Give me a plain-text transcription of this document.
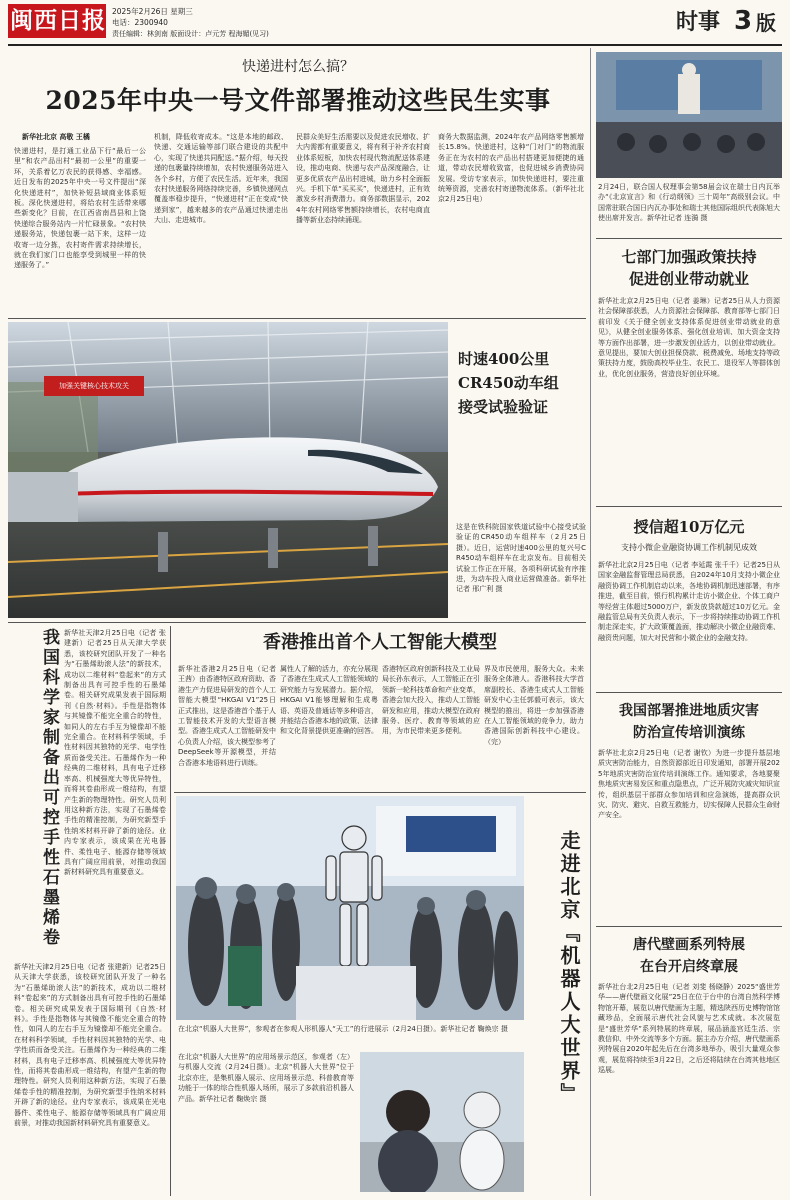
闽西日报 2025年2月26日 星期三
电话：2300940
责任编辑：林剑南 版面设计：卢元芳 程海媚(见习)	时事 3 版
快递进村怎么搞？
2025年中央一号文件部署推动这些民生实事
新华社北京 高敬 王橘
快递进村，是打通工业品下行“最后一公里”和农产品出村“最初一公里”的重要一环，关系着亿万农民的获得感、幸福感。近日发布的2025年中央一号文件提出“深化快递进村”，加快补短县域商业体系短板。深化快递进村，将给农村生活带来哪些新变化？目前，在江西省南昌县和上饶快递综合服务站内一片忙碌景象。“农村快递服务站，快递包裹一站下来，这样一边收寄一边分拣，农村寄件需求持续增长，就在我们家门口也能享受到城里一样的快递服务了。”
机制，降低收寄成本。“这是本地的邮政、快递、交通运输等部门联合建设的共配中心，实现了快递共同配送。”据介绍，每天投递的包裹量持续增加，农村快递服务站进入各个乡村，方便了农民生活。近年来，我国农村快递服务网络持续完善，乡镇快递网点覆盖率稳步提升，“快递进村”正在变成“快递到家”，越来越多的农产品通过快递走出大山、走进城市。
民群众美好生活需要以及促进农民增收、扩大内需都有重要意义，将有利于补齐农村商业体系短板，加快农村现代物流配送体系建设，推动电商、快递与农产品深度融合，让更多优质农产品出村进城，助力乡村全面振兴。手机下单“买买买”，快递进村，正有效激发乡村消费潜力。商务部数据显示，2024年农村网络零售额持续增长，农村电商直播等新业态持续涌现。
商务大数据监测，2024年农产品网络零售额增长15.8%。快递进村，这种“门对门”的物流服务正在为农村的农产品出村搭建更加便捷的通道，带动农民增收致富，也促进城乡消费协同发展。受访专家表示，加快快递进村，要注重统筹资源，完善农村寄递物流体系。（新华社北京2月25日电）
加强关键核心技术攻关
时速400公里
CR450动车组
接受试验验证
这是在铁科院国家铁道试验中心接受试验验证的CR450动车组样车（2月25日摄）。近日，运营时速400公里的复兴号CR450动车组样车在北京发布。目前相关试验工作正在开展，各项科研试验有序推进，为动车投入商业运营做准备。新华社记者 邢广利 摄
我国科学家制备出可控手性石墨烯卷 新华社天津2月25日电（记者 张建新）记者25日从天津大学获悉，该校研究团队开发了一种名为“石墨烯助滚人法”的新技术，成功以二维材料“卷起来”的方式制备出具有可控手性的石墨烯卷。相关研究成果发表于国际期刊《自然·材料》。手性是指物体与其镜像不能完全重合的特性，如同人的左右手互为镜像却不能完全重合。在材料科学领域，手性材料因其独特的光学、电学性质而备受关注。石墨烯作为一种经典的二维材料，具有电子迁移率高、机械强度大等优异特性，而将其卷曲形成一维结构，有望产生新的物理特性。研究人员利用这种新方法，实现了石墨烯卷手性的精准控制，为研究新型手性纳米材料开辟了新的途径。业内专家表示，该成果在光电器件、柔性电子、能源存储等领域具有广阔应用前景，对推动我国新材料研究具有重要意义。
新华社天津2月25日电（记者 张建新）记者25日从天津大学获悉，该校研究团队开发了一种名为“石墨烯助滚人法”的新技术，成功以二维材料“卷起来”的方式制备出具有可控手性的石墨烯卷。相关研究成果发表于国际期刊《自然·材料》。手性是指物体与其镜像不能完全重合的特性，如同人的左右手互为镜像却不能完全重合。在材料科学领域，手性材料因其独特的光学、电学性质而备受关注。石墨烯作为一种经典的二维材料，具有电子迁移率高、机械强度大等优异特性，而将其卷曲形成一维结构，有望产生新的物理特性。研究人员利用这种新方法，实现了石墨烯卷手性的精准控制，为研究新型手性纳米材料开辟了新的途径。业内专家表示，该成果在光电器件、柔性电子、能源存储等领域具有广阔应用前景，对推动我国新材料研究具有重要意义。
香港推出首个人工智能大模型
新华社香港2月25日电（记者 王茜）由香港特区政府资助、香港生产力促进局研发的首个人工智能大模型“HKGAI V1”25日正式推出，这是香港首个基于人工智能技术开发的大型语言模型。香港生成式人工智能研发中心负责人介绍，该大模型参考了DeepSeek等开源模型，并结合香港本地语料进行训练。
属性人了解的活力，亦充分展现了香港在生成式人工智能领域的研究能力与发展潜力。据介绍，HKGAI V1能够理解和生成粤语、英语及普通话等多种语言，并能结合香港本地的政策、法律和文化背景提供更准确的回答。
香港特区政府创新科技及工业局局长孙东表示，人工智能正在引领新一轮科技革命和产业变革，香港会加大投入，推动人工智能研发和应用，推动大模型在政府服务、医疗、教育等领域的应用，为市民带来更多便利。
界及市民使用，服务大众。未来服务全体港人。香港科技大学首席副校长、香港生成式人工智能研发中心主任郭毅可表示，该大模型的推出，将进一步加强香港在人工智能领域的竞争力，助力香港国际创新科技中心建设。（完）
走进北京『机器人大世界』
在北京“机器人大世界”，参观者在参观人形机器人“天工”的行进展示（2月24日摄）。新华社记者 鞠焕宗 摄
在北京“机器人大世界”的应用场景示范区，参观者（左）与机器人交流（2月24日摄）。北京“机器人大世界”位于北京亦庄，是集机器人展示、应用场景示范、科普教育等功能于一体的综合性机器人场所，展示了多款前沿机器人产品。新华社记者 鞠焕宗 摄
2月24日，联合国人权理事会第58届会议在瑞士日内瓦举办“《北京宣言》和《行动纲领》三十周年”高级别会议。中国常驻联合国日内瓦办事处和瑞士其他国际组织代表陈旭大使出席并发言。新华社记者 连漪 摄
七部门加强政策扶持
促进创业带动就业
新华社北京2月25日电（记者 姜琳）记者25日从人力资源社会保障部获悉，人力资源社会保障部、教育部等七部门日前印发《关于健全创业支持体系促进创业带动就业的意见》，从健全创业服务体系、强化创业培训、加大资金支持等方面作出部署，进一步激发创业活力，以创业带动就业。意见提出，要加大创业担保贷款、税费减免、场地支持等政策扶持力度，鼓励高校毕业生、农民工、退役军人等群体创业，优化创业服务，营造良好创业环境。
授信超10万亿元
支持小微企业融资协调工作机制见成效
新华社北京2月25日电（记者 李延霞 张千千）记者25日从国家金融监督管理总局获悉，自2024年10月支持小微企业融资协调工作机制启动以来，各地协调机制迅速部署，有序推进，截至目前，银行机构累计走访小微企业、个体工商户等经营主体超过5000万户，新发放贷款超过10万亿元。金融监管总局有关负责人表示，下一步将持续推动协调工作机制走深走实，扩大政策覆盖面，推动解决小微企业融资难、融资贵问题，加大对民营和小微企业的金融支持。
我国部署推进地质灾害
防治宣传培训演练
新华社北京2月25日电（记者 谢钦）为进一步提升基层地质灾害防治能力，自然资源部近日印发通知，部署开展2025年地质灾害防治宣传培训演练工作。通知要求，各地要聚焦地质灾害易发区和重点隐患点，广泛开展防灾减灾知识宣传，组织基层干部群众参加培训和应急演练，提高群众识灾、防灾、避灾、自救互救能力，切实保障人民群众生命财产安全。
唐代壁画系列特展
在台开启终章展
新华社台北2月25日电（记者 刘斐 杨晓静）2025“盛世芳华——唐代壁画文化展”25日在位于台中的台湾自然科学博物馆开幕，展览以唐代壁画为主题，精选陕西历史博物馆馆藏珍品，全面展示唐代社会风貌与艺术成就。本次展览是“盛世芳华”系列特展的终章展，展品涵盖宫廷生活、宗教信仰、中外交流等多个方面。据主办方介绍，唐代壁画系列特展自2020年起先后在台湾多地举办，吸引大量观众参观，展览将持续至3月22日，之后还将陆续在台湾其他地区巡展。
